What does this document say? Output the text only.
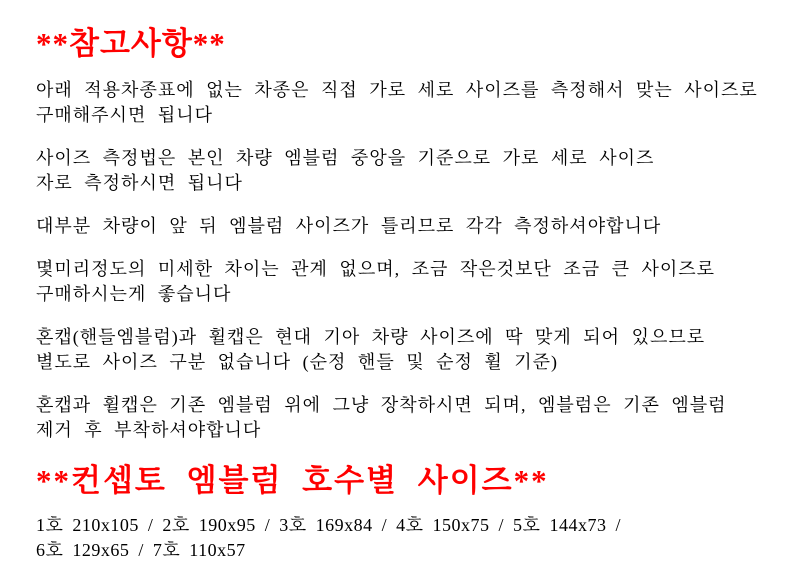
**참고사항**

아래 적용차종표에 없는 차종은 직접 가로 세로 사이즈를 측정해서 맞는 사이즈로
구매해주시면 됩니다

사이즈 측정법은 본인 차량 엠블럼 중앙을 기준으로 가로 세로 사이즈
자로 측정하시면 됩니다

대부분 차량이 앞 뒤 엠블럼 사이즈가 틀리므로 각각 측정하셔야합니다

몇미리정도의 미세한 차이는 관계 없으며, 조금 작은것보단 조금 큰 사이즈로
구매하시는게 좋습니다

혼캡(핸들엠블럼)과 휠캡은 현대 기아 차량 사이즈에 딱 맞게 되어 있으므로
별도로 사이즈 구분 없습니다 (순정 핸들 및 순정 휠 기준)

혼캡과 휠캡은 기존 엠블럼 위에 그냥 장착하시면 되며, 엠블럼은 기존 엠블럼
제거 후 부착하셔야합니다

**컨셉토 엠블럼 호수별 사이즈**

1호 210x105 / 2호 190x95 / 3호 169x84 / 4호 150x75 / 5호 144x73 /
6호 129x65 / 7호 110x57
